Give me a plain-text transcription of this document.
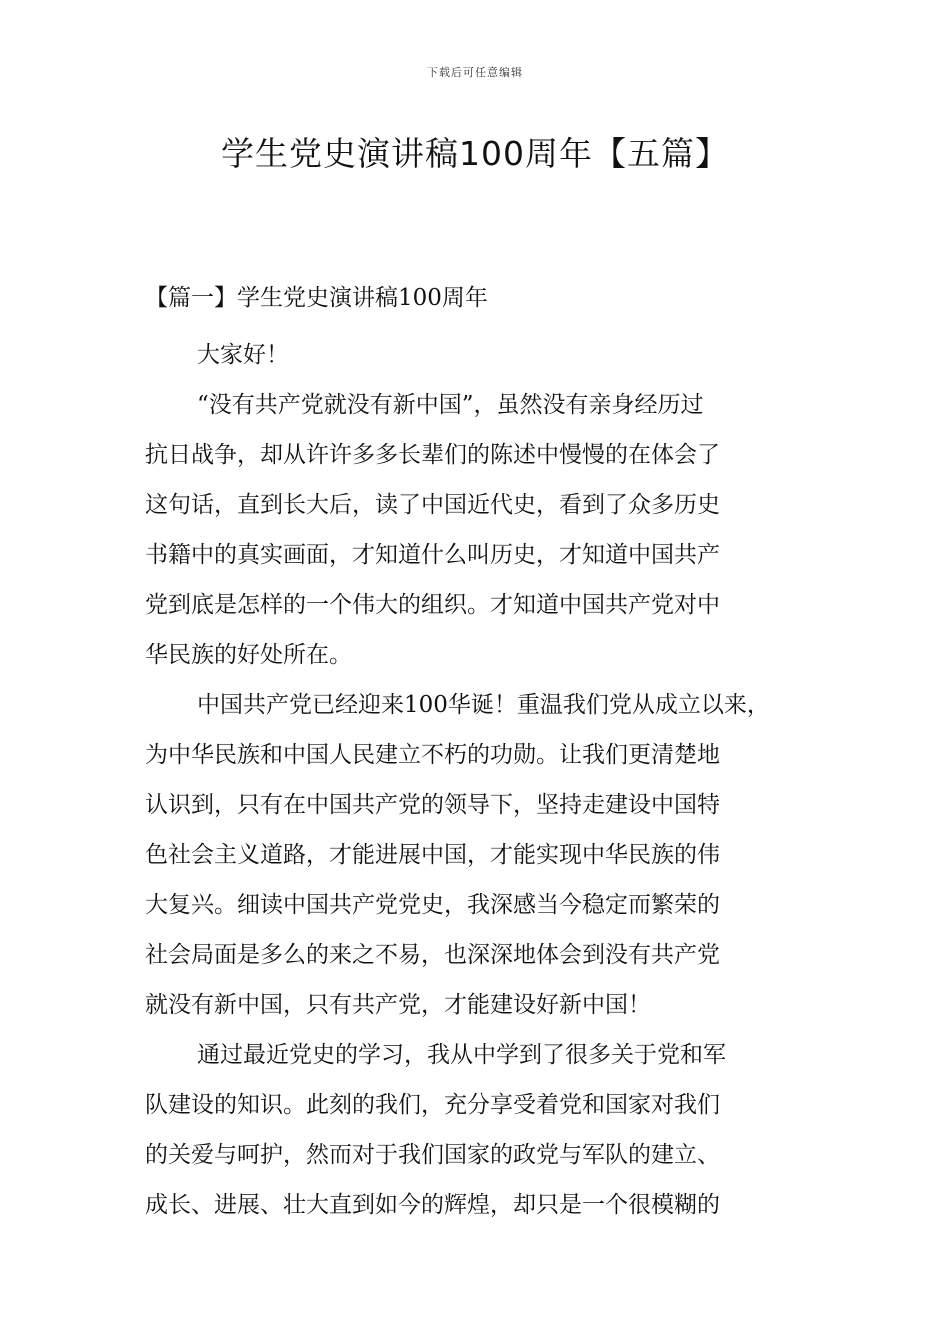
下载后可任意编辑
学生党史演讲稿100周年【五篇】
【篇一】学生党史演讲稿100周年
大家好！
“没有共产党就没有新中国”，虽然没有亲身经历过
抗日战争，却从许许多多长辈们的陈述中慢慢的在体会了
这句话，直到长大后，读了中国近代史，看到了众多历史
书籍中的真实画面，才知道什么叫历史，才知道中国共产
党到底是怎样的一个伟大的组织。才知道中国共产党对中
华民族的好处所在。
中国共产党已经迎来100华诞！重温我们党从成立以来，
为中华民族和中国人民建立不朽的功勋。让我们更清楚地
认识到，只有在中国共产党的领导下，坚持走建设中国特
色社会主义道路，才能进展中国，才能实现中华民族的伟
大复兴。细读中国共产党党史，我深感当今稳定而繁荣的
社会局面是多么的来之不易，也深深地体会到没有共产党
就没有新中国，只有共产党，才能建设好新中国！
通过最近党史的学习，我从中学到了很多关于党和军
队建设的知识。此刻的我们，充分享受着党和国家对我们
的关爱与呵护，然而对于我们国家的政党与军队的建立、
成长、进展、壮大直到如今的辉煌，却只是一个很模糊的
